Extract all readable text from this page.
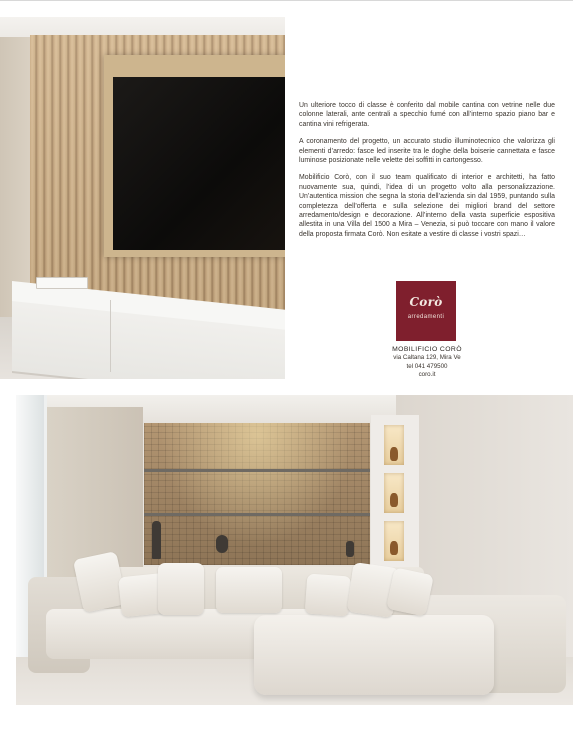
Un ulteriore tocco di classe è conferito dal mobile cantina con vetrine nelle due colonne laterali, ante centrali a specchio fumé con all’interno spazio piano bar e cantina vini refrigerata.

A coronamento del progetto, un accurato studio illuminotecnico che valorizza gli elementi d’arredo: fasce led inserite tra le doghe della boiserie cannettata e fasce luminose posizionate nelle velette dei soffitti in cartongesso.

Mobilificio Corò, con il suo team qualificato di interior e architetti, ha fatto nuovamente sua, quindi, l’idea di un progetto volto alla personalizzazione. Un’autentica mission che segna la storia dell’azienda sin dal 1959, puntando sulla completezza dell’offerta e sulla selezione dei migliori brand del settore arredamento/design e decorazione. All’interno della vasta superficie espositiva allestita in una Villa del 1500 a Mira – Venezia, si può toccare con mano il valore della proposta firmata Corò. Non esitate a vestire di classe i vostri spazi…

Corò
arredamenti
MOBILIFICIO CORÒ
via Caltana 129, Mira Ve
tel 041 479500
coro.it
